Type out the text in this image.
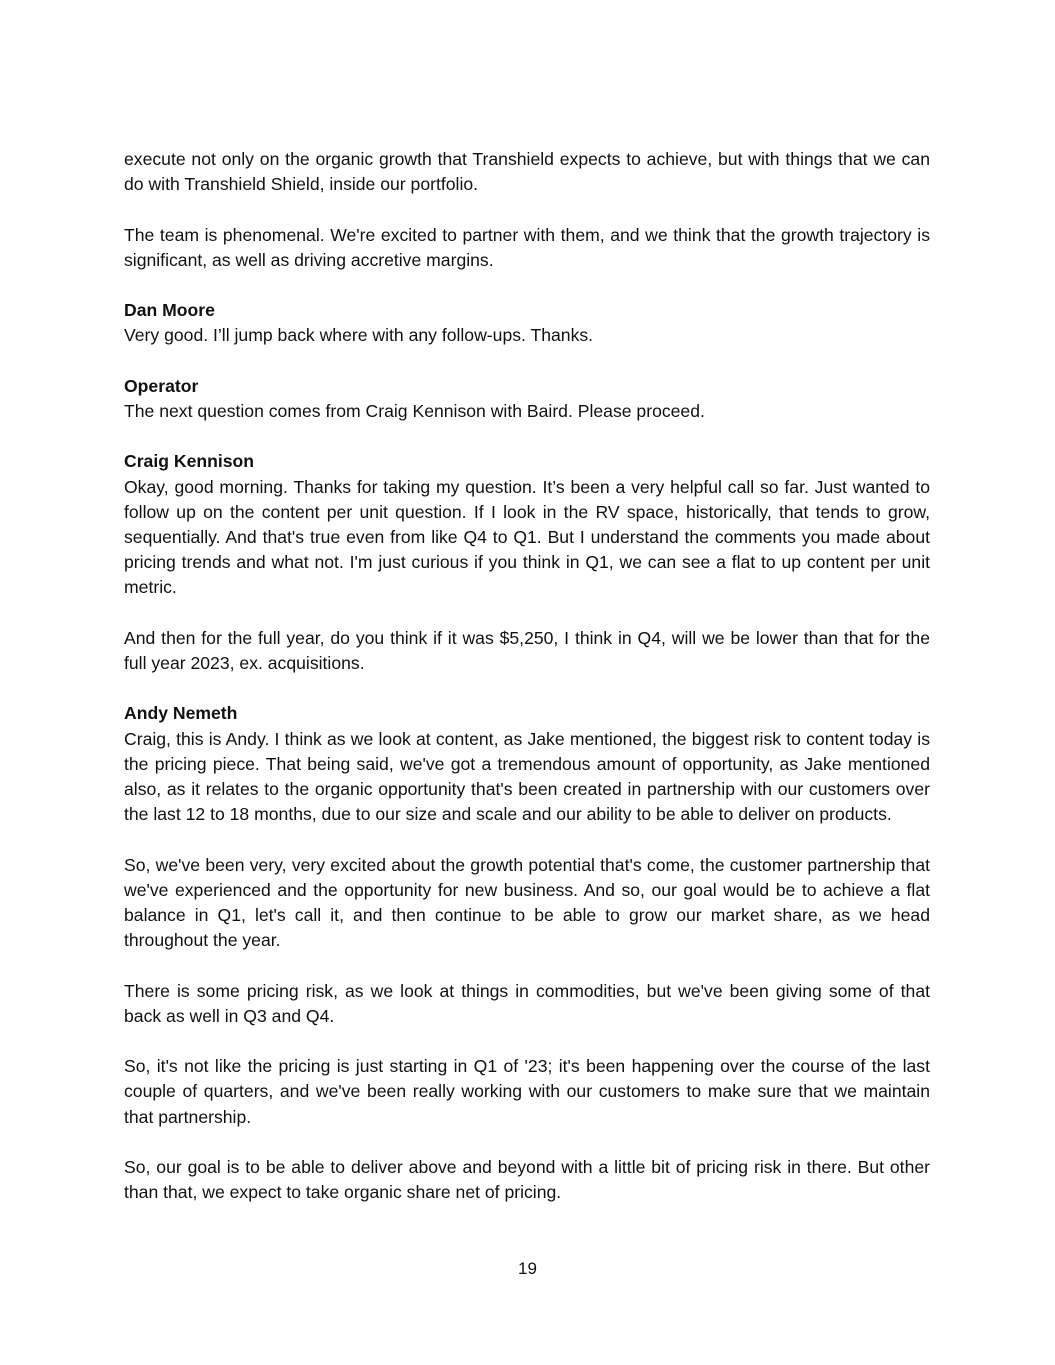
execute not only on the organic growth that Transhield expects to achieve, but with things that we can do with Transhield Shield, inside our portfolio.

The team is phenomenal. We're excited to partner with them, and we think that the growth trajectory is significant, as well as driving accretive margins.

Dan Moore

Very good. I’ll jump back where with any follow-ups. Thanks.

Operator

The next question comes from Craig Kennison with Baird. Please proceed.

Craig Kennison

Okay, good morning. Thanks for taking my question. It’s been a very helpful call so far. Just wanted to follow up on the content per unit question. If I look in the RV space, historically, that tends to grow, sequentially. And that's true even from like Q4 to Q1. But I understand the comments you made about pricing trends and what not. I'm just curious if you think in Q1, we can see a flat to up content per unit metric.

And then for the full year, do you think if it was $5,250, I think in Q4, will we be lower than that for the full year 2023, ex. acquisitions.

Andy Nemeth

Craig, this is Andy. I think as we look at content, as Jake mentioned, the biggest risk to content today is the pricing piece. That being said, we've got a tremendous amount of opportunity, as Jake mentioned also, as it relates to the organic opportunity that's been created in partnership with our customers over the last 12 to 18 months, due to our size and scale and our ability to be able to deliver on products.

So, we've been very, very excited about the growth potential that's come, the customer partnership that we've experienced and the opportunity for new business. And so, our goal would be to achieve a flat balance in Q1, let's call it, and then continue to be able to grow our market share, as we head throughout the year.

There is some pricing risk, as we look at things in commodities, but we've been giving some of that back as well in Q3 and Q4.

So, it's not like the pricing is just starting in Q1 of '23; it's been happening over the course of the last couple of quarters, and we've been really working with our customers to make sure that we maintain that partnership.

So, our goal is to be able to deliver above and beyond with a little bit of pricing risk in there. But other than that, we expect to take organic share net of pricing.

19
